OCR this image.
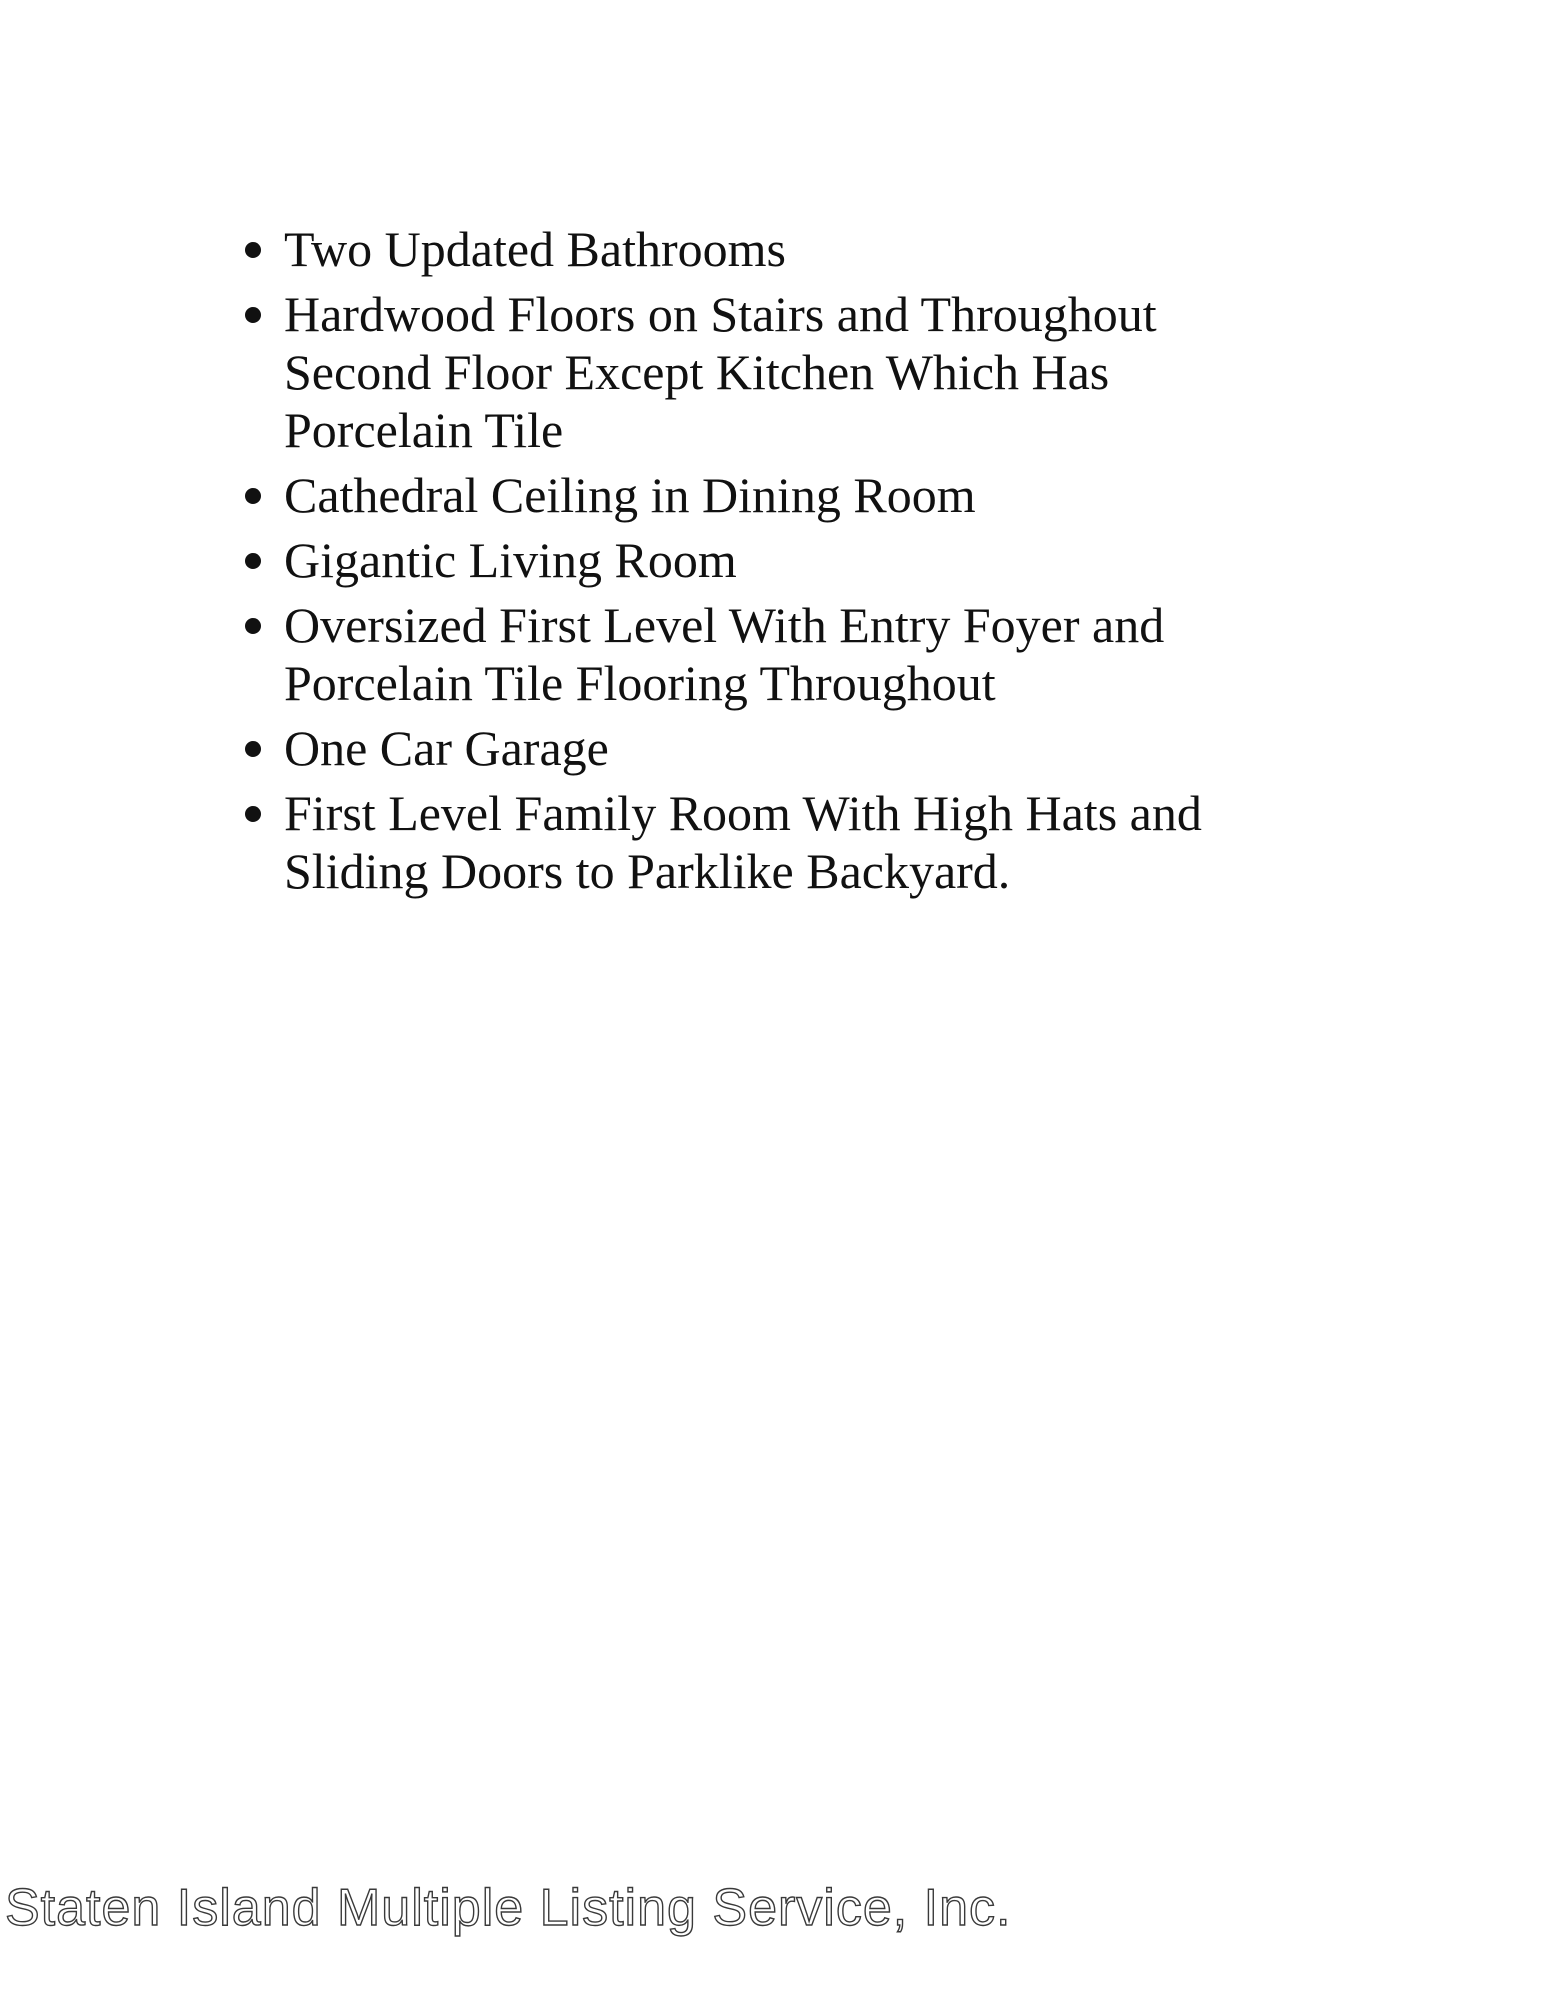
Two Updated Bathrooms
Hardwood Floors on Stairs and Throughout Second Floor Except Kitchen Which Has Porcelain Tile
Cathedral Ceiling in Dining Room
Gigantic Living Room
Oversized First Level With Entry Foyer and Porcelain Tile Flooring Throughout
One Car Garage
First Level Family Room With High Hats and Sliding Doors to Parklike Backyard.
Staten Island Multiple Listing Service, Inc.
